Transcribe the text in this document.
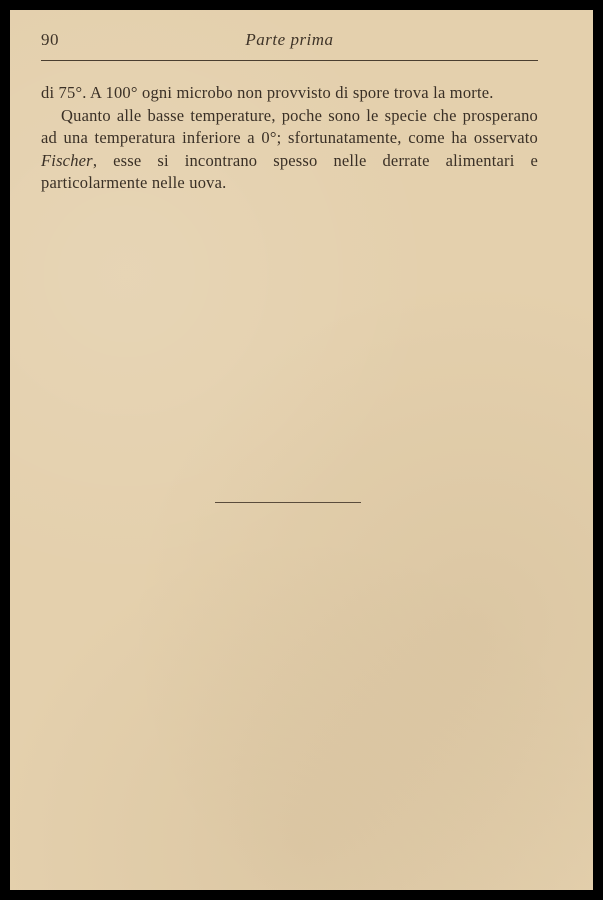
90	Parte prima

di 75°. A 100° ogni microbo non provvisto di spore trova la morte.

Quanto alle basse temperature, poche sono le specie che prosperano ad una temperatura inferiore a 0°; sfortunatamente, come ha osservato Fischer, esse si incontrano spesso nelle derrate alimentari e particolarmente nelle uova.
